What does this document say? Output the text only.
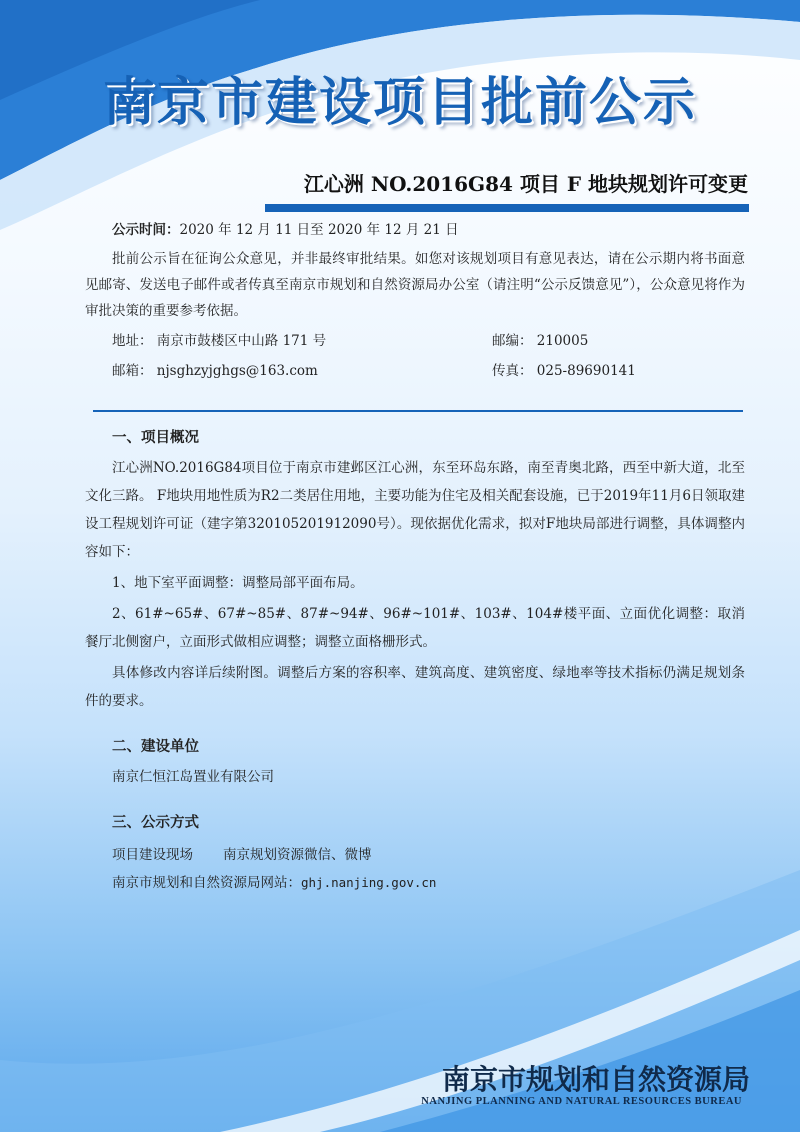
南京市建设项目批前公示
江心洲 NO.2016G84 项目 F 地块规划许可变更
公示时间：2020 年 12 月 11 日至 2020 年 12 月 21 日

批前公示旨在征询公众意见，并非最终审批结果。如您对该规划项目有意见表达，请在公示期内将书面意见邮寄、发送电子邮件或者传真至南京市规划和自然资源局办公室（请注明“公示反馈意见”），公众意见将作为审批决策的重要参考依据。

地址： 南京市鼓楼区中山路 171 号	邮编： 210005
邮箱： njsghzyjghgs@163.com	传真： 025-89690141
一、项目概况

江心洲NO.2016G84项目位于南京市建邺区江心洲，东至环岛东路，南至青奥北路，西至中新大道，北至文化三路。 F地块用地性质为R2二类居住用地，主要功能为住宅及相关配套设施，已于2019年11月6日领取建设工程规划许可证（建字第320105201912090号）。现依据优化需求，拟对F地块局部进行调整，具体调整内容如下：

1、地下室平面调整：调整局部平面布局。

2、61#~65#、67#~85#、87#~94#、96#~101#、103#、104#楼平面、立面优化调整：取消餐厅北侧窗户，立面形式做相应调整；调整立面格栅形式。

具体修改内容详后续附图。调整后方案的容积率、建筑高度、建筑密度、绿地率等技术指标仍满足规划条件的要求。

二、建设单位

南京仁恒江岛置业有限公司

三、公示方式
项目建设现场 南京规划资源微信、微博
南京市规划和自然资源局网站：ghj.nanjing.gov.cn
南京市规划和自然资源局
NANJING PLANNING AND NATURAL RESOURCES BUREAU
